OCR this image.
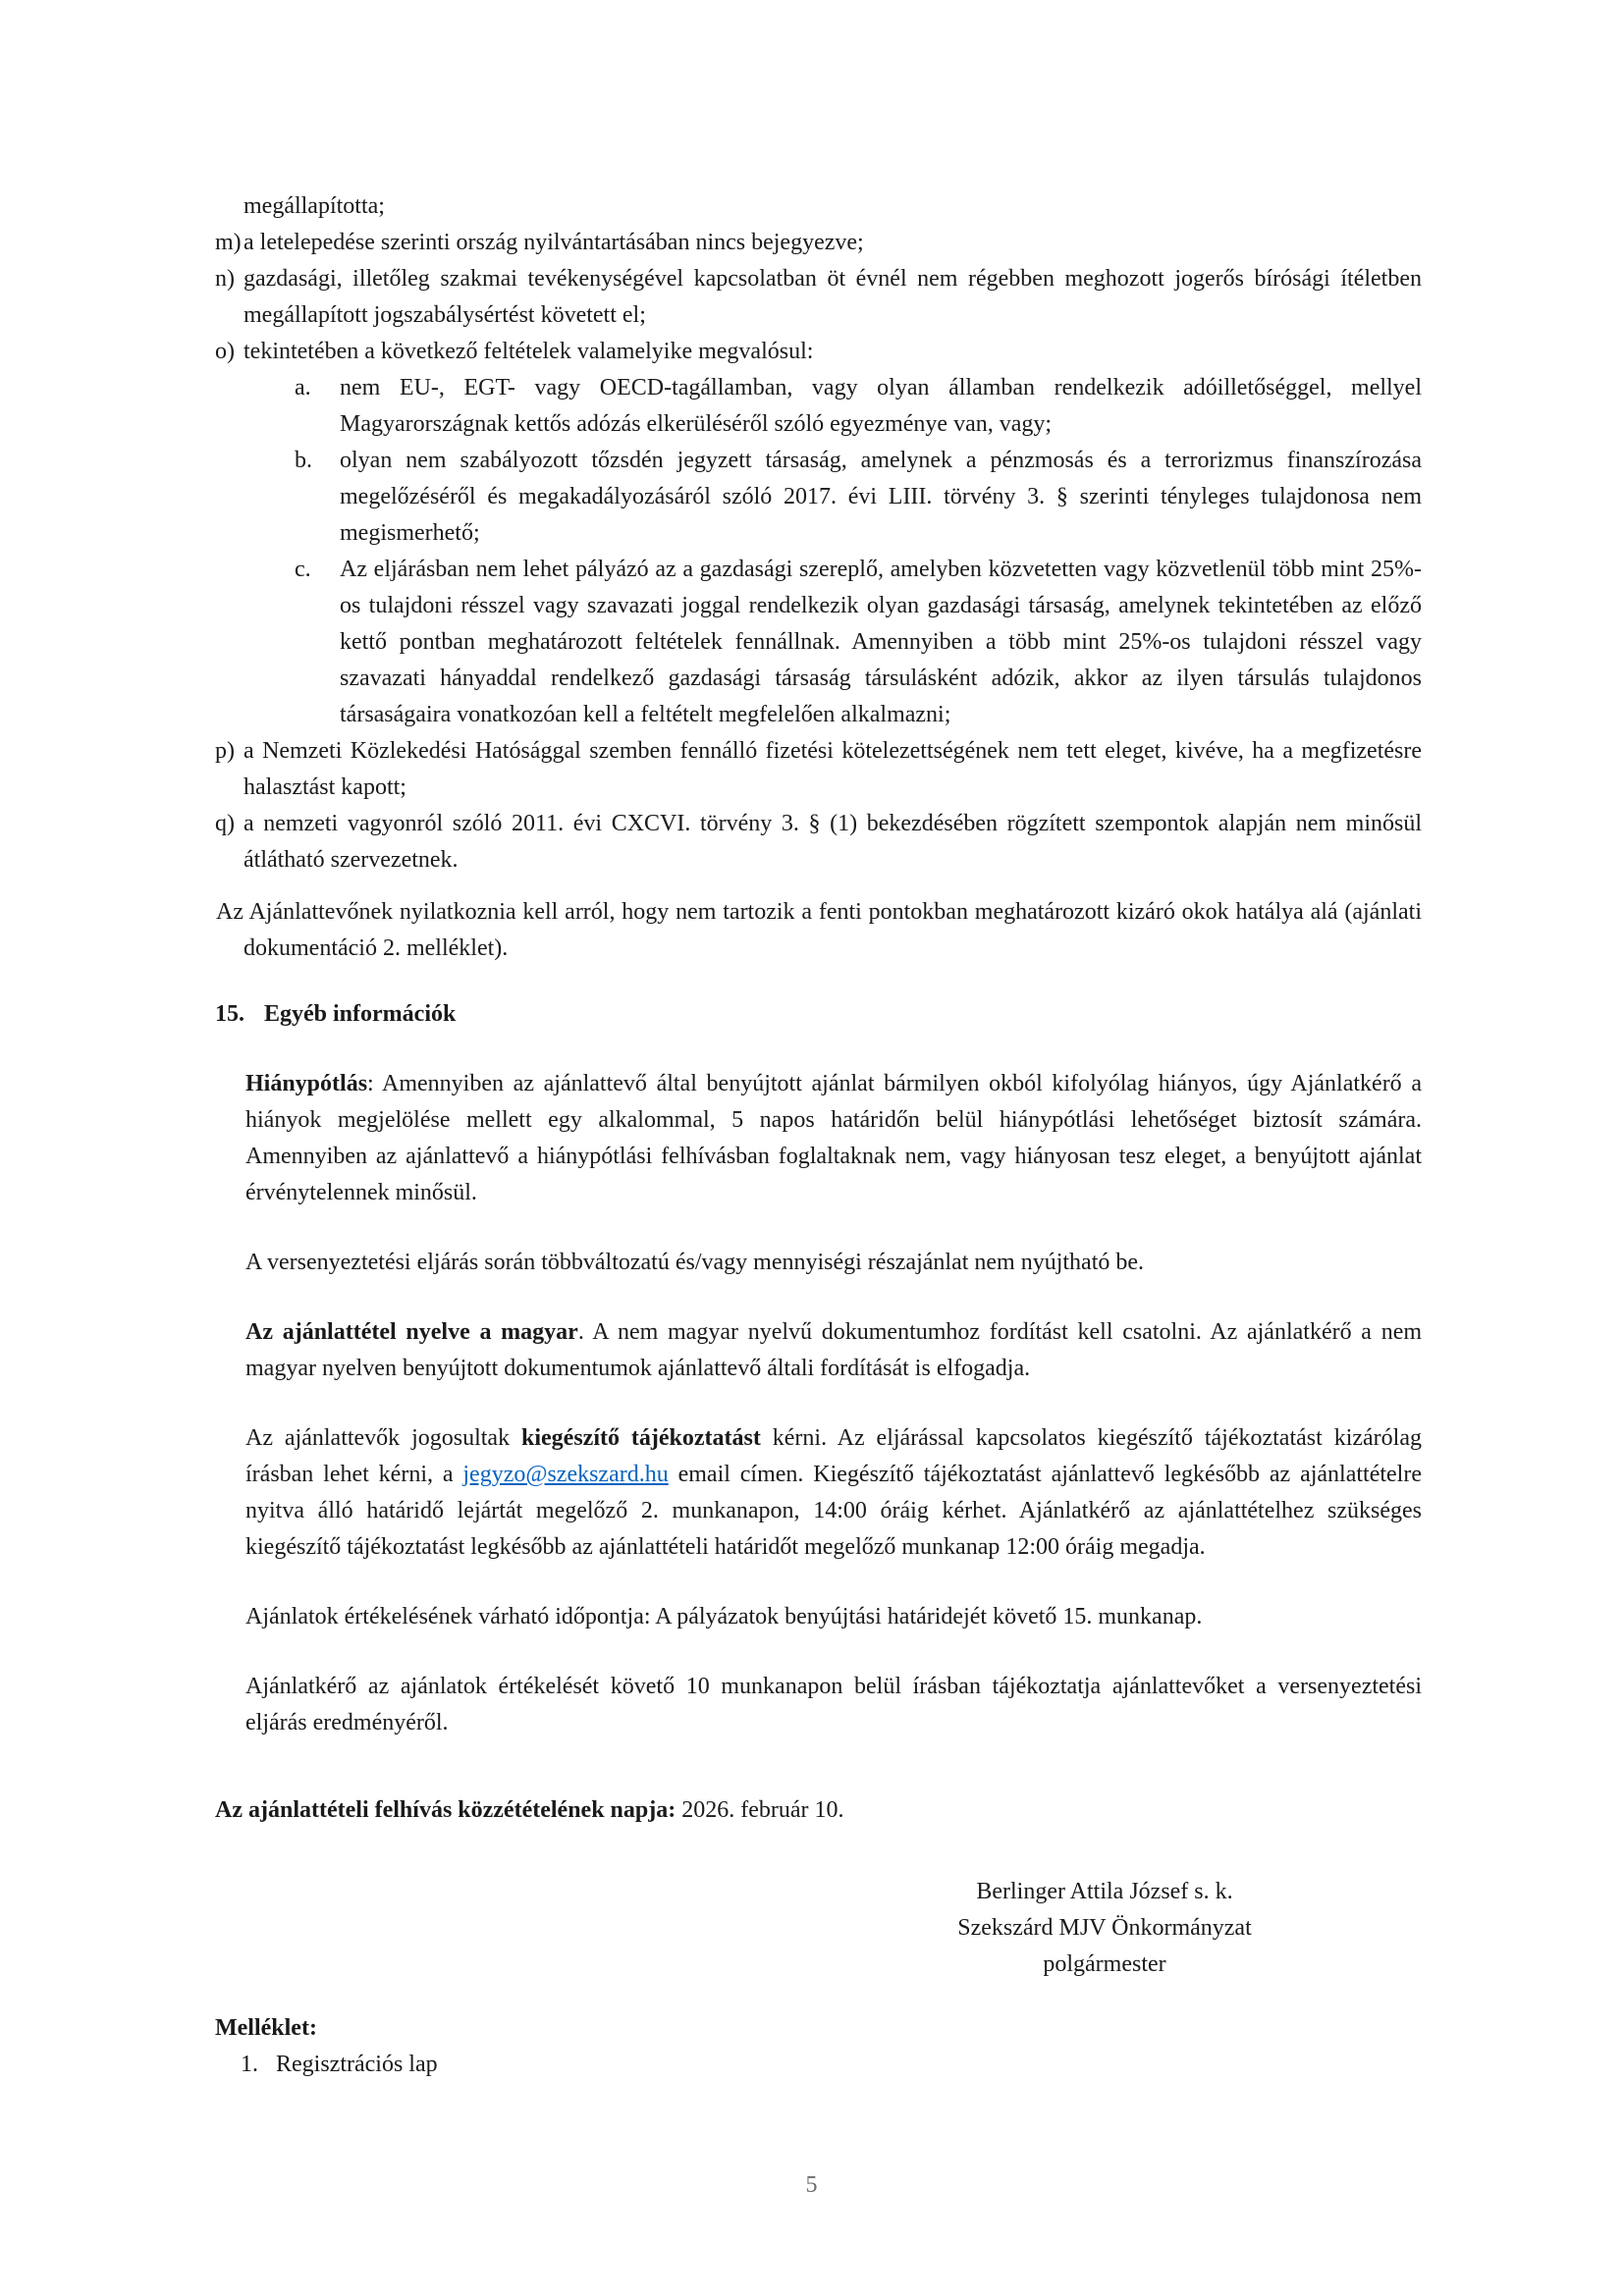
megállapította;
m) a letelepedése szerinti ország nyilvántartásában nincs bejegyezve;
n) gazdasági, illetőleg szakmai tevékenységével kapcsolatban öt évnél nem régebben meghozott jogerős bírósági ítéletben megállapított jogszabálysértést követett el;
o) tekintetében a következő feltételek valamelyike megvalósul:
a.	nem EU-, EGT- vagy OECD-tagállamban, vagy olyan államban rendelkezik adóilletőséggel, mellyel Magyarországnak kettős adózás elkerüléséről szóló egyezménye van, vagy;
b.	olyan nem szabályozott tőzsdén jegyzett társaság, amelynek a pénzmosás és a terrorizmus finanszírozása megelőzéséről és megakadályozásáról szóló 2017. évi LIII. törvény 3. § szerinti tényleges tulajdonosa nem megismerhető;
c.	Az eljárásban nem lehet pályázó az a gazdasági szereplő, amelyben közvetetten vagy közvetlenül több mint 25%-os tulajdoni résszel vagy szavazati joggal rendelkezik olyan gazdasági társaság, amelynek tekintetében az előző kettő pontban meghatározott feltételek fennállnak. Amennyiben a több mint 25%-os tulajdoni résszel vagy szavazati hányaddal rendelkező gazdasági társaság társulásként adózik, akkor az ilyen társulás tulajdonos társaságaira vonatkozóan kell a feltételt megfelelően alkalmazni;
p) a Nemzeti Közlekedési Hatósággal szemben fennálló fizetési kötelezettségének nem tett eleget, kivéve, ha a megfizetésre halasztást kapott;
q) a nemzeti vagyonról szóló 2011. évi CXCVI. törvény 3. § (1) bekezdésében rögzített szempontok alapján nem minősül átlátható szervezetnek.

Az Ajánlattevőnek nyilatkoznia kell arról, hogy nem tartozik a fenti pontokban meghatározott kizáró okok hatálya alá (ajánlati dokumentáció 2. melléklet).

15. Egyéb információk

Hiánypótlás: Amennyiben az ajánlattevő által benyújtott ajánlat bármilyen okból kifolyólag hiányos, úgy Ajánlatkérő a hiányok megjelölése mellett egy alkalommal, 5 napos határidőn belül hiánypótlási lehetőséget biztosít számára. Amennyiben az ajánlattevő a hiánypótlási felhívásban foglaltaknak nem, vagy hiányosan tesz eleget, a benyújtott ajánlat érvénytelennek minősül.

A versenyeztetési eljárás során többváltozatú és/vagy mennyiségi részajánlat nem nyújtható be.

Az ajánlattétel nyelve a magyar. A nem magyar nyelvű dokumentumhoz fordítást kell csatolni. Az ajánlatkérő a nem magyar nyelven benyújtott dokumentumok ajánlattevő általi fordítását is elfogadja.

Az ajánlattevők jogosultak kiegészítő tájékoztatást kérni. Az eljárással kapcsolatos kiegészítő tájékoztatást kizárólag írásban lehet kérni, a jegyzo@szekszard.hu email címen. Kiegészítő tájékoztatást ajánlattevő legkésőbb az ajánlattételre nyitva álló határidő lejártát megelőző 2. munkanapon, 14:00 óráig kérhet. Ajánlatkérő az ajánlattételhez szükséges kiegészítő tájékoztatást legkésőbb az ajánlattételi határidőt megelőző munkanap 12:00 óráig megadja.

Ajánlatok értékelésének várható időpontja: A pályázatok benyújtási határidejét követő 15. munkanap.

Ajánlatkérő az ajánlatok értékelését követő 10 munkanapon belül írásban tájékoztatja ajánlattevőket a versenyeztetési eljárás eredményéről.

Az ajánlattételi felhívás közzétételének napja: 2026. február 10.

Berlinger Attila József s. k.
Szekszárd MJV Önkormányzat
polgármester
Melléklet:
1. Regisztrációs lap
5
